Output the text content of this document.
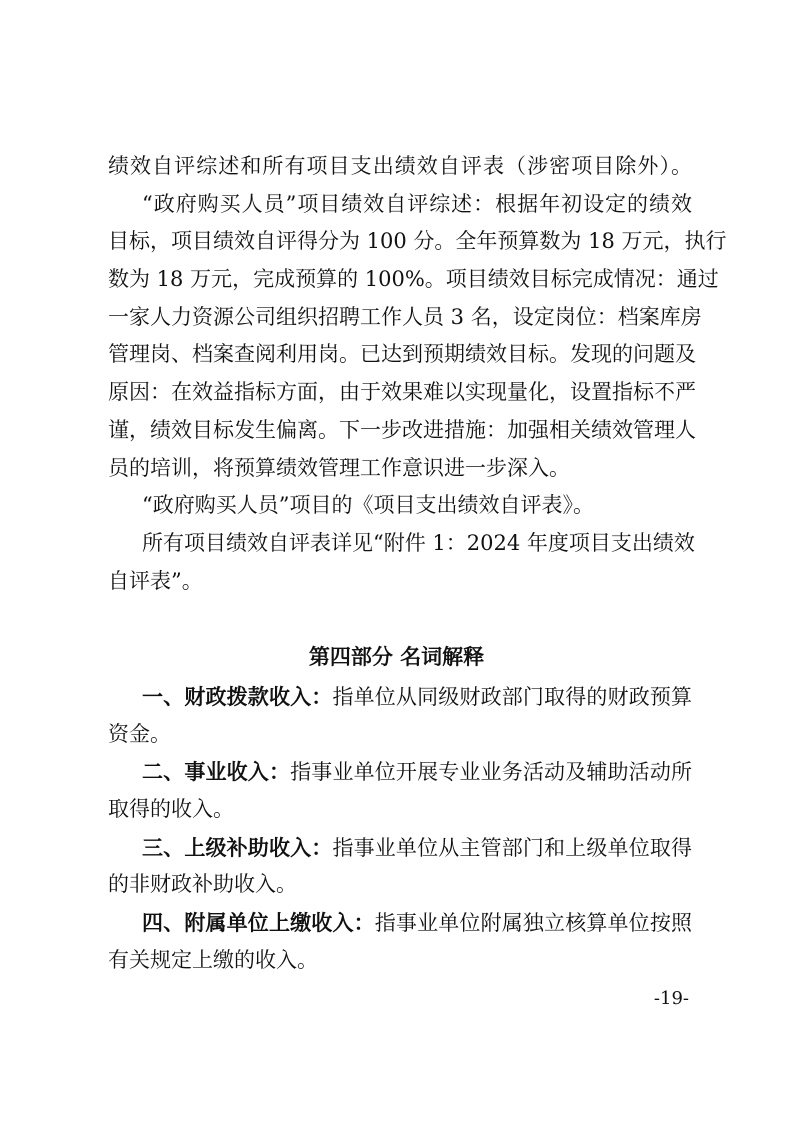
绩效自评综述和所有项目支出绩效自评表（涉密项目除外）。
“政府购买人员”项目绩效自评综述：根据年初设定的绩效
目标，项目绩效自评得分为 100 分。全年预算数为 18 万元，执行
数为 18 万元，完成预算的 100%。项目绩效目标完成情况：通过
一家人力资源公司组织招聘工作人员 3 名，设定岗位：档案库房
管理岗、档案查阅利用岗。已达到预期绩效目标。发现的问题及
原因：在效益指标方面，由于效果难以实现量化，设置指标不严
谨，绩效目标发生偏离。下一步改进措施：加强相关绩效管理人
员的培训，将预算绩效管理工作意识进一步深入。
“政府购买人员”项目的《项目支出绩效自评表》。
所有项目绩效自评表详见“附件 1：2024 年度项目支出绩效
自评表”。
第四部分 名词解释
一、财政拨款收入：指单位从同级财政部门取得的财政预算
资金。
二、事业收入：指事业单位开展专业业务活动及辅助活动所
取得的收入。
三、上级补助收入：指事业单位从主管部门和上级单位取得
的非财政补助收入。
四、附属单位上缴收入：指事业单位附属独立核算单位按照
有关规定上缴的收入。
-19-
